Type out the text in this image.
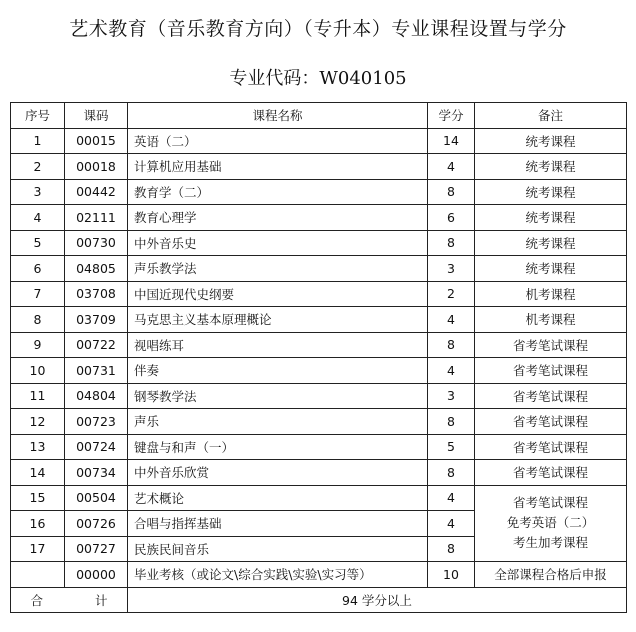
艺术教育（音乐教育方向）（专升本）专业课程设置与学分
专业代码：W040105
序号	课码	课程名称	学分	备注
1	00015	英语（二）	14	统考课程
2	00018	计算机应用基础	4	统考课程
3	00442	教育学（二）	8	统考课程
4	02111	教育心理学	6	统考课程
5	00730	中外音乐史	8	统考课程
6	04805	声乐教学法	3	统考课程
7	03708	中国近现代史纲要	2	机考课程
8	03709	马克思主义基本原理概论	4	机考课程
9	00722	视唱练耳	8	省考笔试课程
10	00731	伴奏	4	省考笔试课程
11	04804	钢琴教学法	3	省考笔试课程
12	00723	声乐	8	省考笔试课程
13	00724	键盘与和声（一）	5	省考笔试课程
14	00734	中外音乐欣赏	8	省考笔试课程
15	00504	艺术概论	4	省考笔试课程
免考英语（二）
考生加考课程

16	00726	合唱与指挥基础	4	
17	00727	民族民间音乐	8	
	00000	毕业考核（或论文\综合实践\实验\实习等）	10	全部课程合格后申报
合 计		94 学分以上		
